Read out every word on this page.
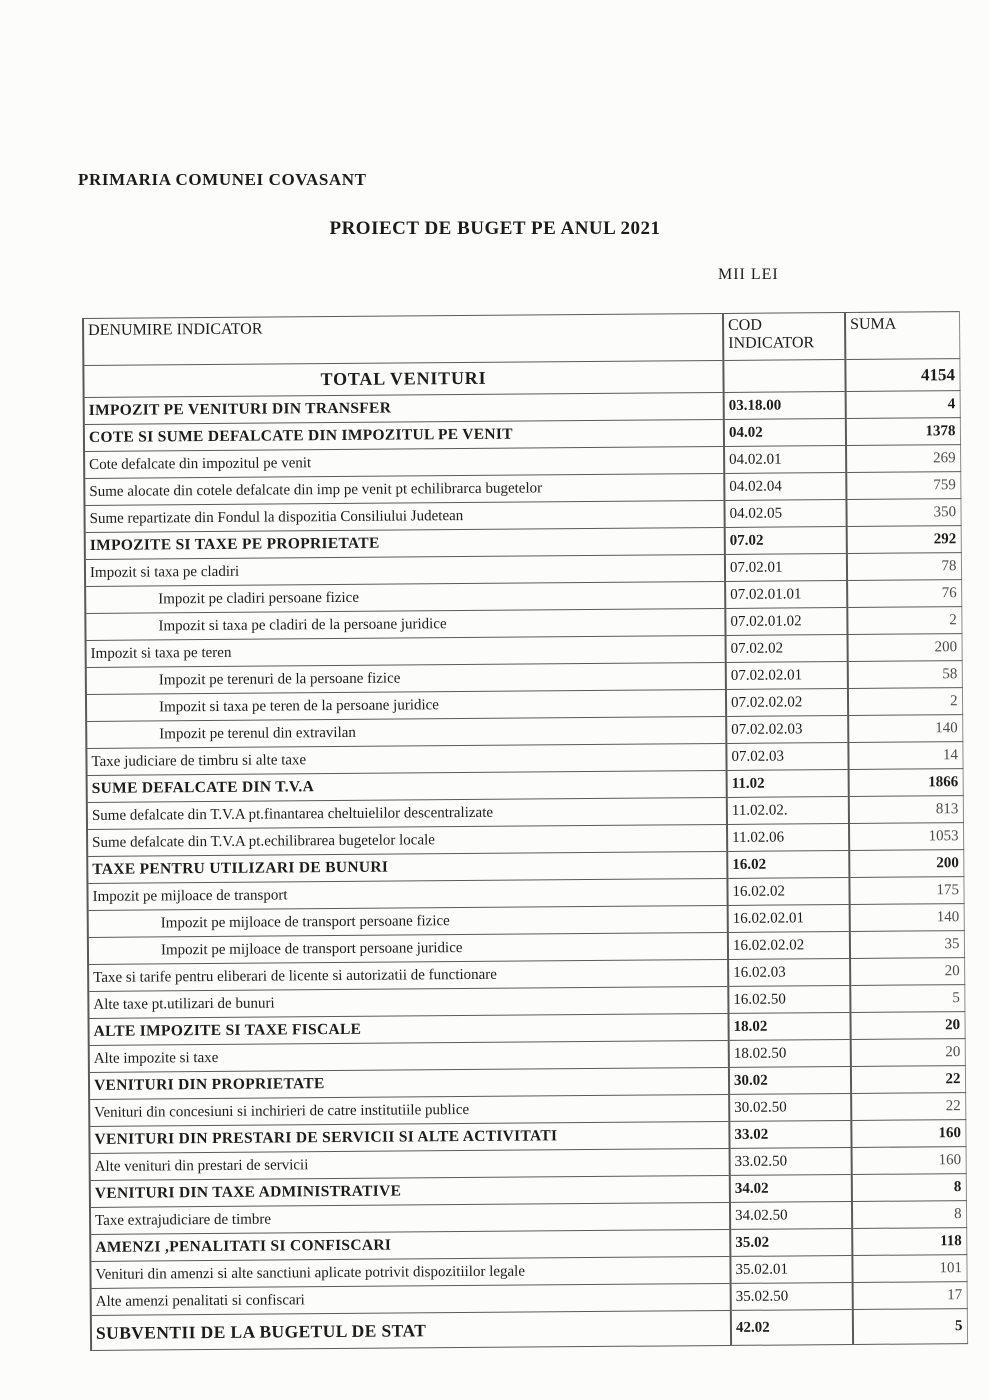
PRIMARIA COMUNEI COVASANT
PROIECT DE BUGET PE ANUL 2021
MII LEI
DENUMIRE INDICATOR	COD INDICATOR	SUMA
TOTAL VENITURI		4154
IMPOZIT PE VENITURI DIN TRANSFER	03.18.00	4
COTE SI SUME DEFALCATE DIN IMPOZITUL PE VENIT	04.02	1378
Cote defalcate din impozitul pe venit	04.02.01	269
Sume alocate din cotele defalcate din imp pe venit pt echilibrarca bugetelor	04.02.04	759
Sume repartizate din Fondul la dispozitia Consiliului Judetean	04.02.05	350
IMPOZITE SI TAXE PE PROPRIETATE	07.02	292
Impozit si taxa pe cladiri	07.02.01	78
Impozit pe cladiri persoane fizice	07.02.01.01	76
Impozit si taxa pe cladiri de la persoane juridice	07.02.01.02	2
Impozit si taxa pe teren	07.02.02	200
Impozit pe terenuri de la persoane fizice	07.02.02.01	58
Impozit si taxa pe teren de la persoane juridice	07.02.02.02	2
Impozit pe terenul din extravilan	07.02.02.03	140
Taxe judiciare de timbru si alte taxe	07.02.03	14
SUME DEFALCATE DIN T.V.A	11.02	1866
Sume defalcate din T.V.A pt.finantarea cheltuielilor descentralizate	11.02.02.	813
Sume defalcate din T.V.A pt.echilibrarea bugetelor locale	11.02.06	1053
TAXE PENTRU UTILIZARI DE BUNURI	16.02	200
Impozit pe mijloace de transport	16.02.02	175
Impozit pe mijloace de transport persoane fizice	16.02.02.01	140
Impozit pe mijloace de transport persoane juridice	16.02.02.02	35
Taxe si tarife pentru eliberari de licente si autorizatii de functionare	16.02.03	20
Alte taxe pt.utilizari de bunuri	16.02.50	5
ALTE IMPOZITE SI TAXE FISCALE	18.02	20
Alte impozite si taxe	18.02.50	20
VENITURI DIN PROPRIETATE	30.02	22
Venituri din concesiuni si inchirieri de catre institutiile publice	30.02.50	22
VENITURI DIN PRESTARI DE SERVICII SI ALTE ACTIVITATI	33.02	160
Alte venituri din prestari de servicii	33.02.50	160
VENITURI DIN TAXE ADMINISTRATIVE	34.02	8
Taxe extrajudiciare de timbre	34.02.50	8
AMENZI ,PENALITATI SI CONFISCARI	35.02	118
Venituri din amenzi si alte sanctiuni aplicate potrivit dispozitiilor legale	35.02.01	101
Alte amenzi penalitati si confiscari	35.02.50	17
SUBVENTII DE LA BUGETUL DE STAT	42.02	5
